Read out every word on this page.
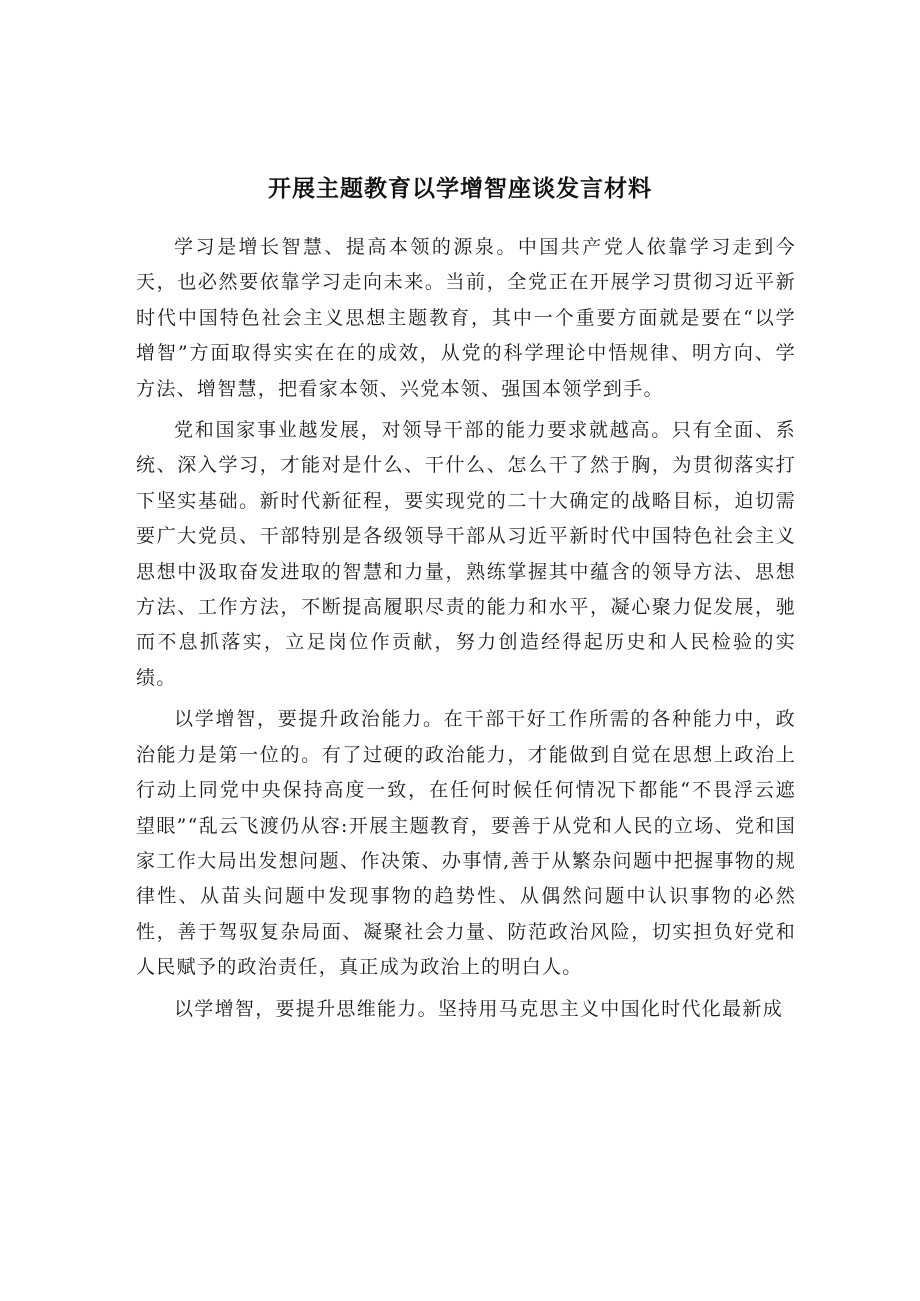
开展主题教育以学增智座谈发言材料

学习是增长智慧、提高本领的源泉。中国共产党人依靠学习走到今天，也必然要依靠学习走向未来。当前，全党正在开展学习贯彻习近平新时代中国特色社会主义思想主题教育，其中一个重要方面就是要在“以学增智”方面取得实实在在的成效，从党的科学理论中悟规律、明方向、学方法、增智慧，把看家本领、兴党本领、强国本领学到手。

党和国家事业越发展，对领导干部的能力要求就越高。只有全面、系统、深入学习，才能对是什么、干什么、怎么干了然于胸，为贯彻落实打下坚实基础。新时代新征程，要实现党的二十大确定的战略目标，迫切需要广大党员、干部特别是各级领导干部从习近平新时代中国特色社会主义思想中汲取奋发进取的智慧和力量，熟练掌握其中蕴含的领导方法、思想方法、工作方法，不断提高履职尽责的能力和水平，凝心聚力促发展，驰而不息抓落实，立足岗位作贡献，努力创造经得起历史和人民检验的实绩。

以学增智，要提升政治能力。在干部干好工作所需的各种能力中，政治能力是第一位的。有了过硬的政治能力，才能做到自觉在思想上政治上行动上同党中央保持高度一致，在任何时候任何情况下都能“不畏浮云遮望眼”“乱云飞渡仍从容:开展主题教育，要善于从党和人民的立场、党和国家工作大局出发想问题、作决策、办事情,善于从繁杂问题中把握事物的规律性、从苗头问题中发现事物的趋势性、从偶然问题中认识事物的必然性，善于驾驭复杂局面、凝聚社会力量、防范政治风险，切实担负好党和人民赋予的政治责任，真正成为政治上的明白人。

以学增智，要提升思维能力。坚持用马克思主义中国化时代化最新成
